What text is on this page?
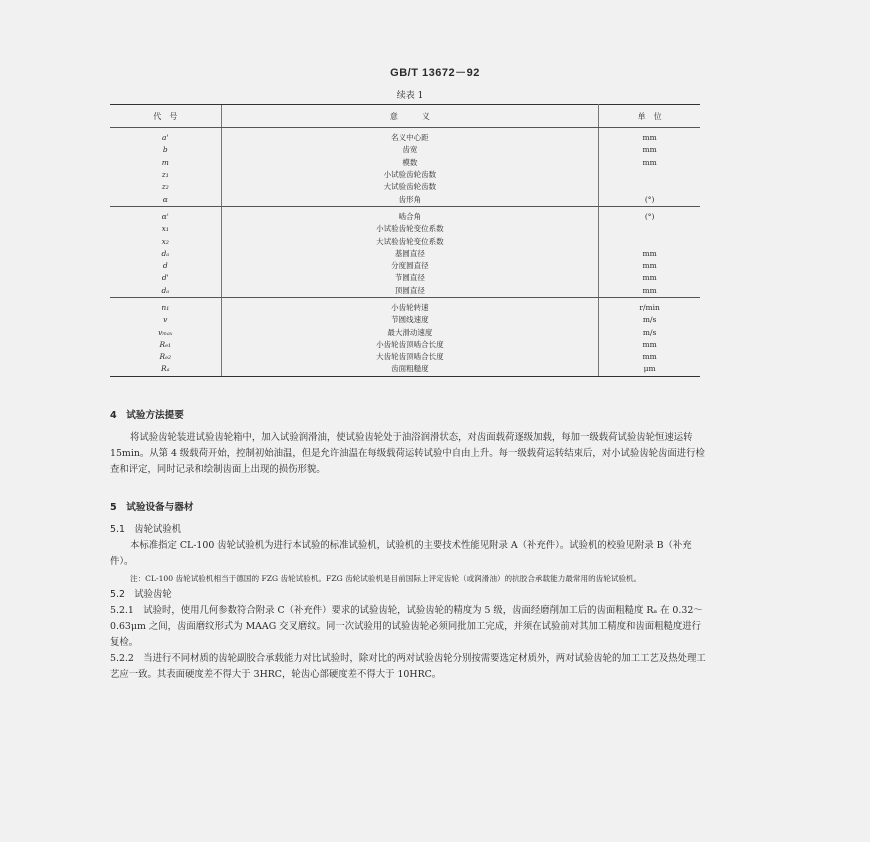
GB/T 13672－92
续表 1
代　号	意　　　义	单　位
a'	名义中心距	mm
b	齿宽	mm
m	模数	mm
z₁	小试验齿轮齿数	
z₂	大试验齿轮齿数	
α	齿形角	(°)
α'	啮合角	(°)
x₁	小试验齿轮变位系数	
x₂	大试验齿轮变位系数	
dₐ	基圆直径	mm
d	分度圆直径	mm
d'	节圆直径	mm
dₐ	顶圆直径	mm
n₁	小齿轮转速	r/min
v	节圆线速度	m/s
vₘₐₓ	最大滑动速度	m/s
Rₑ₁	小齿轮齿顶啮合长度	mm
Rₑ₂	大齿轮齿顶啮合长度	mm
Rₐ	齿面粗糙度	μm

4　试验方法提要

将试验齿轮装进试验齿轮箱中，加入试验润滑油，使试验齿轮处于油浴润滑状态，对齿面载荷逐级加载，每加一级载荷试验齿轮恒速运转 15min。从第 4 级载荷开始，控制初始油温，但是允许油温在每级载荷运转试验中自由上升。每一级载荷运转结束后，对小试验齿轮齿面进行检查和评定，同时记录和绘制齿面上出现的损伤形貌。

5　试验设备与器材

5.1　齿轮试验机

本标准指定 CL-100 齿轮试验机为进行本试验的标准试验机，试验机的主要技术性能见附录 A（补充件）。试验机的校验见附录 B（补充件）。

注：CL-100 齿轮试验机相当于德国的 FZG 齿轮试验机。FZG 齿轮试验机是目前国际上评定齿轮（或润滑油）的抗胶合承载能力最常用的齿轮试验机。

5.2　试验齿轮

5.2.1　试验时，使用几何参数符合附录 C（补充件）要求的试验齿轮，试验齿轮的精度为 5 级，齿面经磨削加工后的齿面粗糙度 Rₐ 在 0.32～0.63μm 之间，齿面磨纹形式为 MAAG 交叉磨纹。同一次试验用的试验齿轮必须同批加工完成，并须在试验前对其加工精度和齿面粗糙度进行复检。

5.2.2　当进行不同材质的齿轮副胶合承载能力对比试验时，除对比的两对试验齿轮分别按需要选定材质外，两对试验齿轮的加工工艺及热处理工艺应一致。其表面硬度差不得大于 3HRC，轮齿心部硬度差不得大于 10HRC。
